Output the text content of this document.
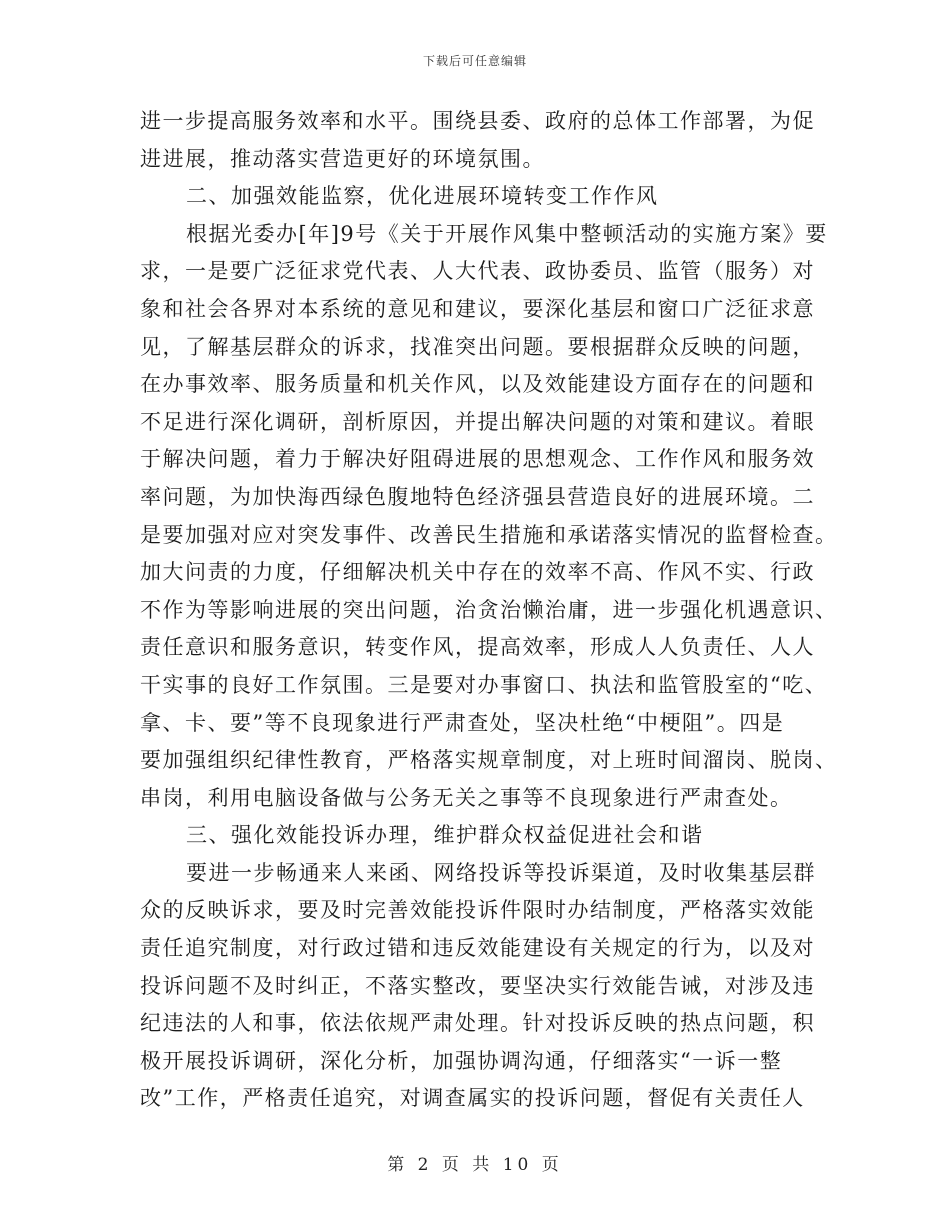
下载后可任意编辑
进一步提高服务效率和水平。围绕县委、政府的总体工作部署，为促
进进展，推动落实营造更好的环境氛围。
二、加强效能监察，优化进展环境转变工作作风
根据光委办[年]9号《关于开展作风集中整顿活动的实施方案》要
求，一是要广泛征求党代表、人大代表、政协委员、监管（服务）对
象和社会各界对本系统的意见和建议，要深化基层和窗口广泛征求意
见，了解基层群众的诉求，找准突出问题。要根据群众反映的问题，
在办事效率、服务质量和机关作风，以及效能建设方面存在的问题和
不足进行深化调研，剖析原因，并提出解决问题的对策和建议。着眼
于解决问题，着力于解决好阻碍进展的思想观念、工作作风和服务效
率问题，为加快海西绿色腹地特色经济强县营造良好的进展环境。二
是要加强对应对突发事件、改善民生措施和承诺落实情况的监督检查。
加大问责的力度，仔细解决机关中存在的效率不高、作风不实、行政
不作为等影响进展的突出问题，治贪治懒治庸，进一步强化机遇意识、
责任意识和服务意识，转变作风，提高效率，形成人人负责任、人人
干实事的良好工作氛围。三是要对办事窗口、执法和监管股室的“吃、
拿、卡、要”等不良现象进行严肃查处，坚决杜绝“中梗阻”。四是
要加强组织纪律性教育，严格落实规章制度，对上班时间溜岗、脱岗、
串岗，利用电脑设备做与公务无关之事等不良现象进行严肃查处。
三、强化效能投诉办理，维护群众权益促进社会和谐
要进一步畅通来人来函、网络投诉等投诉渠道，及时收集基层群
众的反映诉求，要及时完善效能投诉件限时办结制度，严格落实效能
责任追究制度，对行政过错和违反效能建设有关规定的行为，以及对
投诉问题不及时纠正，不落实整改，要坚决实行效能告诫，对涉及违
纪违法的人和事，依法依规严肃处理。针对投诉反映的热点问题，积
极开展投诉调研，深化分析，加强协调沟通，仔细落实“一诉一整
改”工作，严格责任追究，对调查属实的投诉问题，督促有关责任人
第 2 页 共 10 页
